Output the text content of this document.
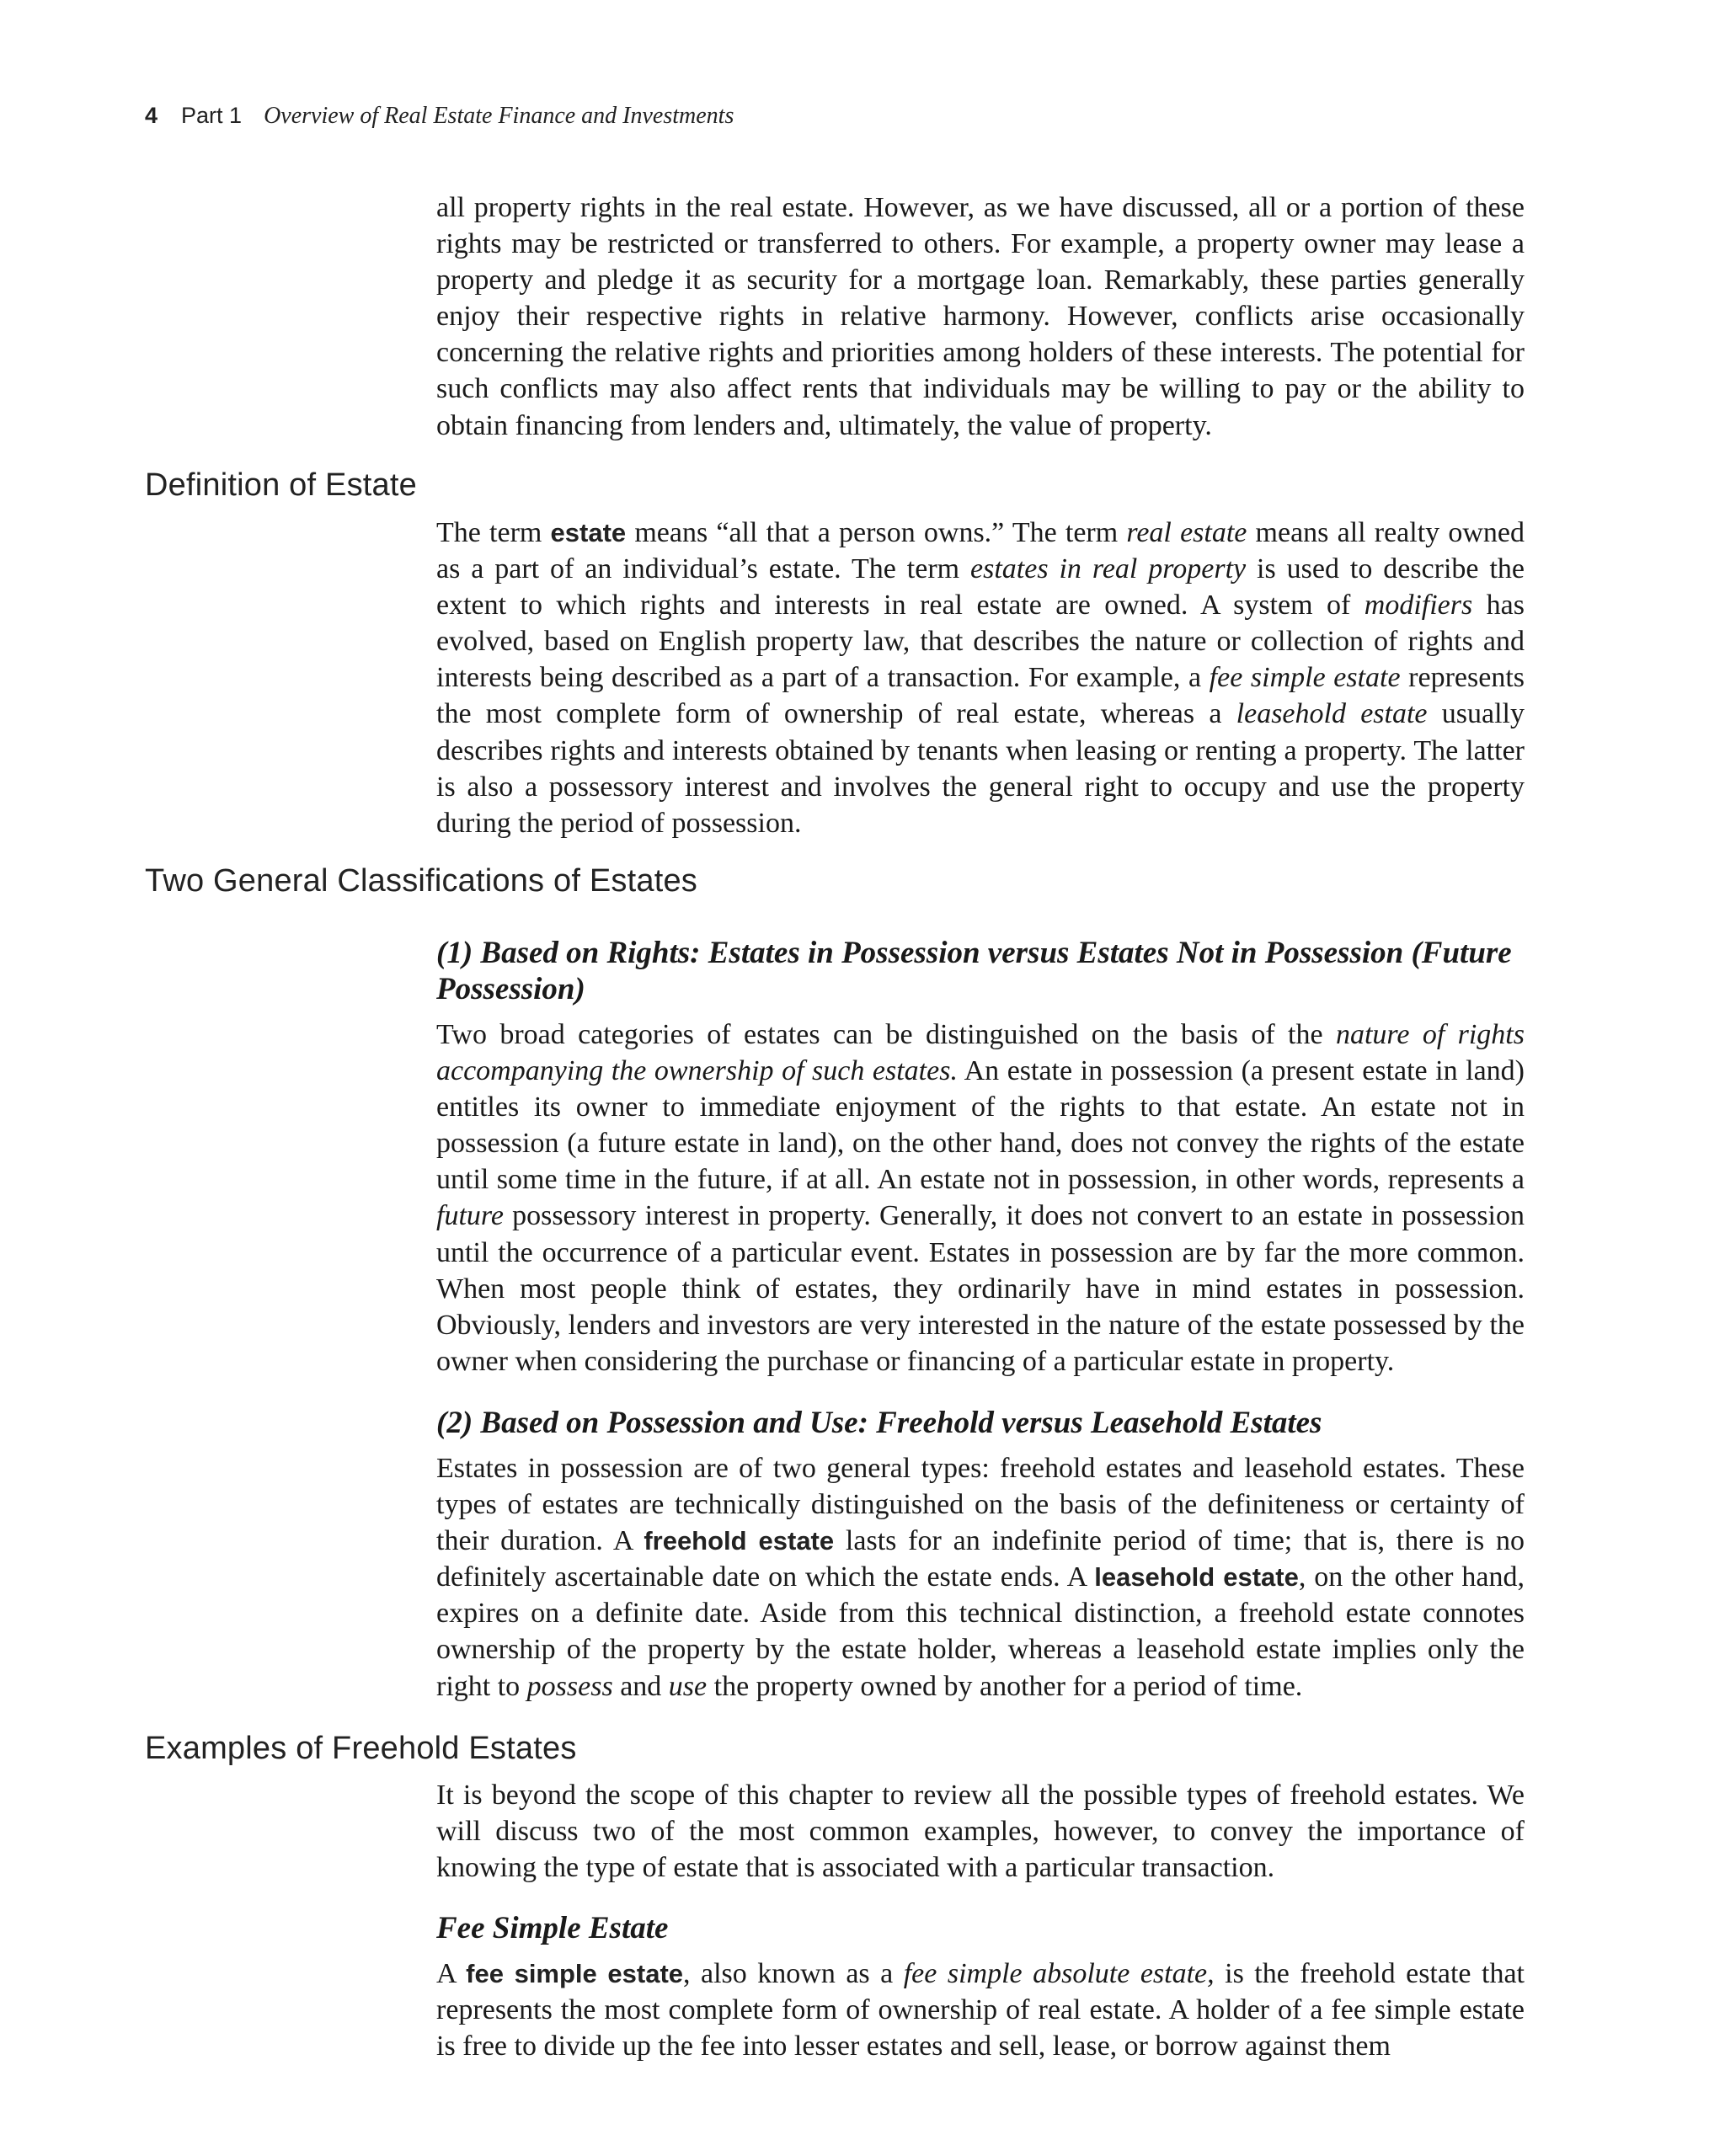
4 Part 1 Overview of Real Estate Finance and Investments

all property rights in the real estate. However, as we have discussed, all or a portion of these rights may be restricted or transferred to others. For example, a property owner may lease a property and pledge it as security for a mortgage loan. Remarkably, these parties generally enjoy their respective rights in relative harmony. However, conflicts arise occasionally concerning the relative rights and priorities among holders of these interests. The potential for such conflicts may also affect rents that individuals may be willing to pay or the ability to obtain financing from lenders and, ultimately, the value of property.

Definition of Estate

The term estate means “all that a person owns.” The term real estate means all realty owned as a part of an individual’s estate. The term estates in real property is used to describe the extent to which rights and interests in real estate are owned. A system of modifiers has evolved, based on English property law, that describes the nature or collection of rights and interests being described as a part of a transaction. For example, a fee simple estate represents the most complete form of ownership of real estate, whereas a leasehold estate usually describes rights and interests obtained by tenants when leasing or renting a property. The latter is also a possessory interest and involves the general right to occupy and use the property during the period of possession.

Two General Classifications of Estates
(1) Based on Rights: Estates in Possession versus Estates Not in Possession (Future Possession)

Two broad categories of estates can be distinguished on the basis of the nature of rights accompanying the ownership of such estates. An estate in possession (a present estate in land) entitles its owner to immediate enjoyment of the rights to that estate. An estate not in possession (a future estate in land), on the other hand, does not convey the rights of the estate until some time in the future, if at all. An estate not in possession, in other words, represents a future possessory interest in property. Generally, it does not convert to an estate in possession until the occurrence of a particular event. Estates in possession are by far the more common. When most people think of estates, they ordinarily have in mind estates in possession. Obviously, lenders and investors are very interested in the nature of the estate possessed by the owner when considering the purchase or financing of a particular estate in property.

(2) Based on Possession and Use: Freehold versus Leasehold Estates

Estates in possession are of two general types: freehold estates and leasehold estates. These types of estates are technically distinguished on the basis of the definiteness or certainty of their duration. A freehold estate lasts for an indefinite period of time; that is, there is no definitely ascertainable date on which the estate ends. A leasehold estate, on the other hand, expires on a definite date. Aside from this technical distinction, a freehold estate connotes ownership of the property by the estate holder, whereas a leasehold estate implies only the right to possess and use the property owned by another for a period of time.

Examples of Freehold Estates

It is beyond the scope of this chapter to review all the possible types of freehold estates. We will discuss two of the most common examples, however, to convey the importance of knowing the type of estate that is associated with a particular transaction.

Fee Simple Estate

A fee simple estate, also known as a fee simple absolute estate, is the freehold estate that represents the most complete form of ownership of real estate. A holder of a fee simple estate is free to divide up the fee into lesser estates and sell, lease, or borrow against them
